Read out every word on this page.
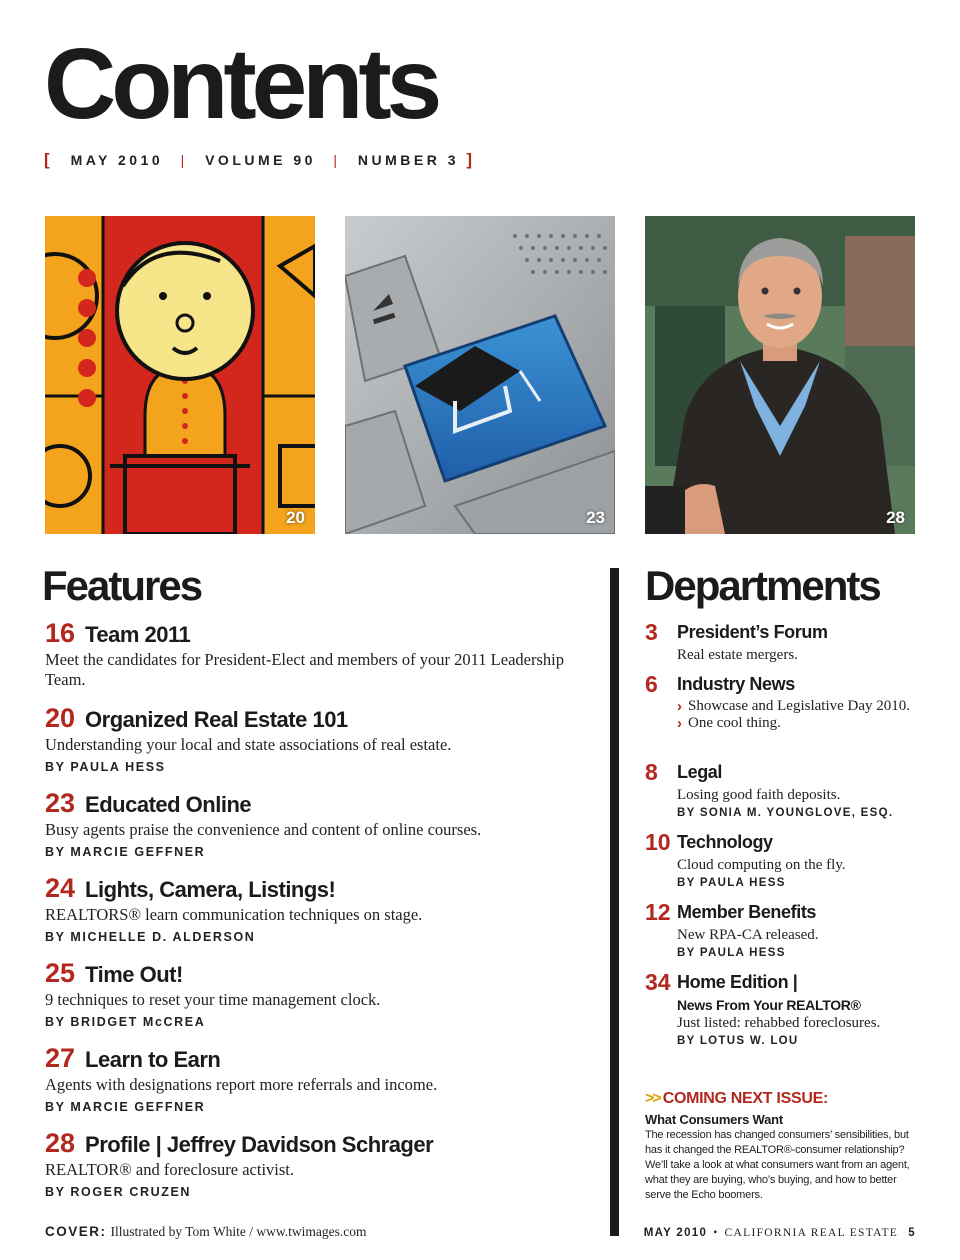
Contents
[ MAY 2010 | VOLUME 90 | NUMBER 3 ]
20	23	28
Features
16 Team 2011
Meet the candidates for President-Elect and members of your 2011 Leadership Team.
20 Organized Real Estate 101
Understanding your local and state associations of real estate.
BY PAULA HESS
23 Educated Online
Busy agents praise the convenience and content of online courses.
BY MARCIE GEFFNER
24 Lights, Camera, Listings!
REALTORS® learn communication techniques on stage.
BY MICHELLE D. ALDERSON
25 Time Out!
9 techniques to reset your time management clock.
BY BRIDGET McCREA
27 Learn to Earn
Agents with designations report more referrals and income.
BY MARCIE GEFFNER
28 Profile | Jeffrey Davidson Schrager
REALTOR® and foreclosure activist.
BY ROGER CRUZEN
Departments
3	President’s Forum
Real estate mergers.
6	Industry News
› Showcase and Legislative Day 2010.
› One cool thing.
8	Legal
Losing good faith deposits.
BY SONIA M. YOUNGLOVE, ESQ.
10 Technology
Cloud computing on the fly.
BY PAULA HESS
12 Member Benefits
New RPA-CA released.
BY PAULA HESS
34 Home Edition |
News From Your REALTOR®
Just listed: rehabbed foreclosures.
BY LOTUS W. LOU
>> COMING NEXT ISSUE:
What Consumers Want
The recession has changed consumers’ sensibilities, but has it changed the REALTOR®-consumer relationship? We’ll take a look at what consumers want from an agent, what they are buying, who’s buying, and how to better serve the Echo boomers.
COVER: Illustrated by Tom White / www.twimages.com	MAY 2010 • CALIFORNIA REAL ESTATE 5
